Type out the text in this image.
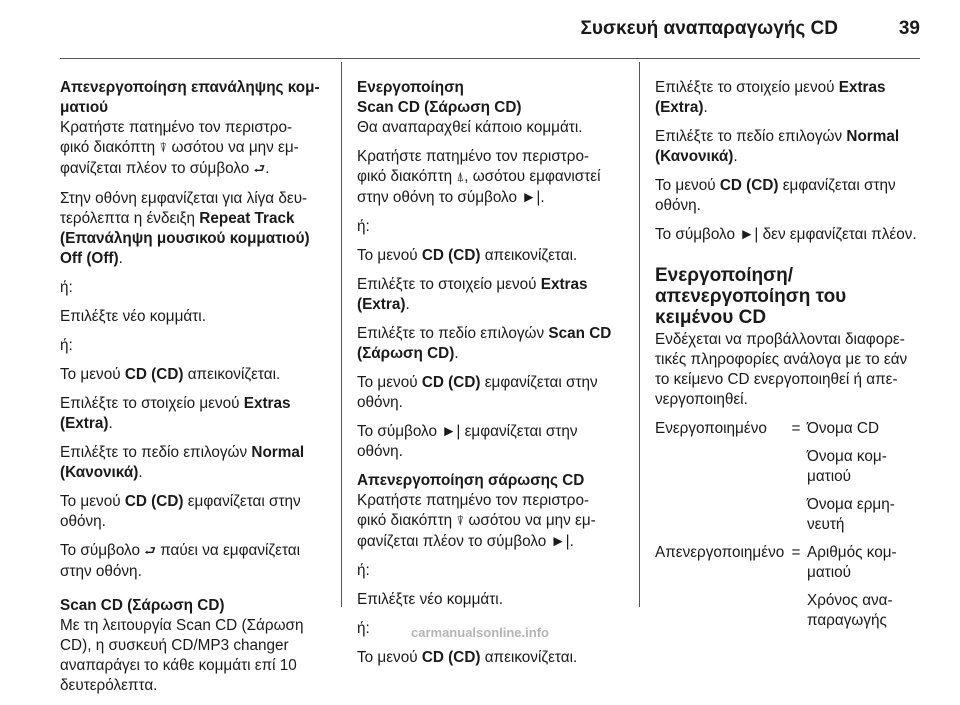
Συσκευή αναπαραγωγής CD	39

Απενεργοποίηση επανάληψης κομ-
ματιού

Κρατήστε πατημένο τον περιστρο-
φικό διακόπτη ⍒ ωσότου να μην εμ-
φανίζεται πλέον το σύμβολο ⮐.

Στην οθόνη εμφανίζεται για λίγα δευ-
τερόλεπτα η ένδειξη Repeat Track (Επανάληψη μουσικού κομματιού) Off (Off).

ή:

Επιλέξτε νέο κομμάτι.

ή:

Το μενού CD (CD) απεικονίζεται.

Επιλέξτε το στοιχείο μενού Extras (Extra).

Επιλέξτε το πεδίο επιλογών Normal (Κανονικά).

Το μενού CD (CD) εμφανίζεται στην οθόνη.

Το σύμβολο ⮐ παύει να εμφανίζεται στην οθόνη.

Scan CD (Σάρωση CD)

Με τη λειτουργία Scan CD (Σάρωση CD), η συσκευή CD/MP3 changer αναπαράγει το κάθε κομμάτι επί 10 δευτερόλεπτα.

Ενεργοποίηση
Scan CD (Σάρωση CD)

Θα αναπαραχθεί κάποιο κομμάτι.

Κρατήστε πατημένο τον περιστρο-
φικό διακόπτη ⍋, ωσότου εμφανιστεί στην οθόνη το σύμβολο ►|.

ή:

Το μενού CD (CD) απεικονίζεται.

Επιλέξτε το στοιχείο μενού Extras (Extra).

Επιλέξτε το πεδίο επιλογών Scan CD (Σάρωση CD).

Το μενού CD (CD) εμφανίζεται στην οθόνη.

Το σύμβολο ►| εμφανίζεται στην οθόνη.

Απενεργοποίηση σάρωσης CD

Κρατήστε πατημένο τον περιστρο-
φικό διακόπτη ⍒ ωσότου να μην εμ-
φανίζεται πλέον το σύμβολο ►|.

ή:

Επιλέξτε νέο κομμάτι.

ή:

Το μενού CD (CD) απεικονίζεται.

Επιλέξτε το στοιχείο μενού Extras (Extra).

Επιλέξτε το πεδίο επιλογών Normal (Κανονικά).

Το μενού CD (CD) εμφανίζεται στην οθόνη.

Το σύμβολο ►| δεν εμφανίζεται πλέον.

Ενεργοποίηση/ απενεργοποίηση του κειμένου CD

Ενδέχεται να προβάλλονται διαφορε-τικές πληροφορίες ανάλογα με το εάν το κείμενο CD ενεργοποιηθεί ή απε-νεργοποιηθεί.

Ενεργοποιημένο	= Όνομα CD
Όνομα κομ-ματιού
Όνομα ερμη-νευτή
Απενεργοποιημένο = Αριθμός κομ-ματιού
Χρόνος ανα-παραγωγής
carmanualsonline.info
